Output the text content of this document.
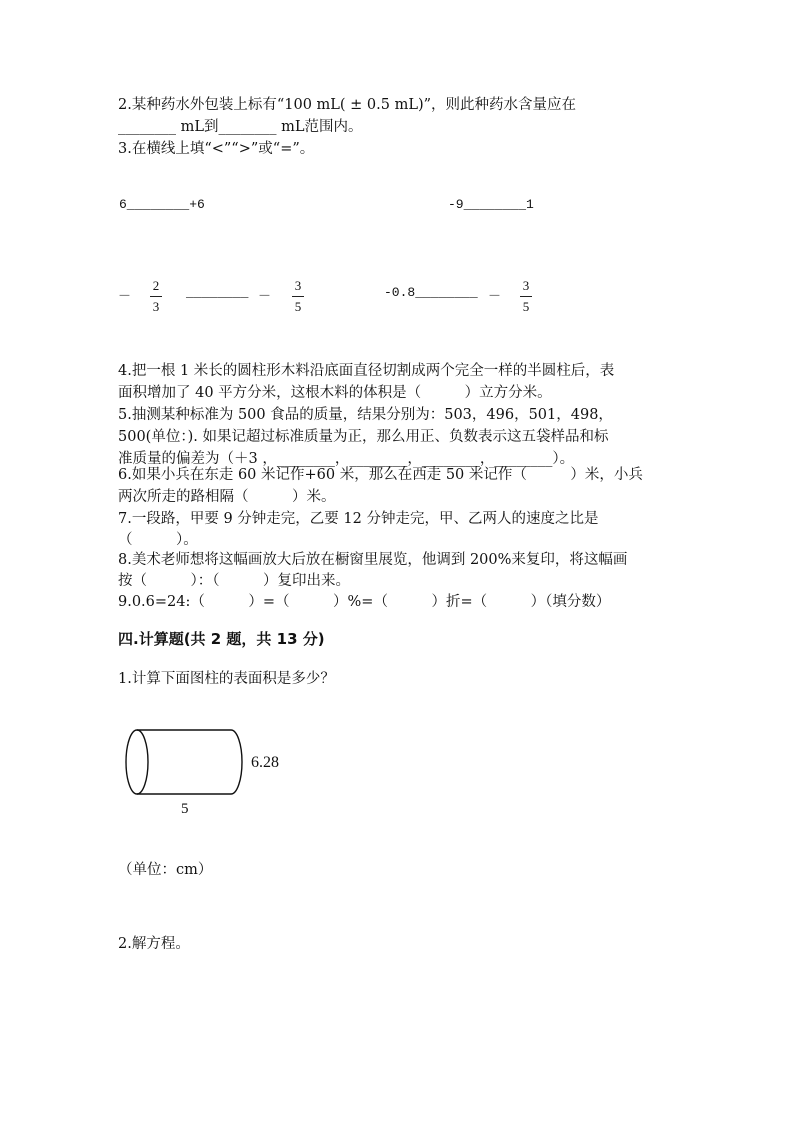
2.某种药水外包装上标有“100 mL( ± 0.5 mL)”，则此种药水含量应在
________ mL到________ mL范围内。
3.在横线上填“<”“>”或“=”。
6________+6	-9________1
－
2
3
________ －
3
5
-0.8________ －
3
5
4.把一根 1 米长的圆柱形木料沿底面直径切割成两个完全一样的半圆柱后，表
面积增加了 40 平方分米，这根木料的体积是（　　　）立方分米。
5.抽测某种标准为 500 食品的质量，结果分别为：503，496，501，498，
500(单位：). 如果记超过标准质量为正，那么用正、负数表示这五袋样品和标
准质量的偏差为（＋3 ，________，________，________，________）。
6.如果小兵在东走 60 米记作+60 米，那么在西走 50 米记作（　　　）米，小兵
两次所走的路相隔（　　　）米。
7.一段路，甲要 9 分钟走完，乙要 12 分钟走完，甲、乙两人的速度之比是
（　　　）。
8.美术老师想将这幅画放大后放在橱窗里展览，他调到 200%来复印，将这幅画
按（　　　）：（　　　）复印出来。
9.0.6=24:（　　　）=（　　　）%=（　　　）折=（　　　）（填分数）
四.计算题(共 2 题，共 13 分)
1.计算下面图柱的表面积是多少？
6.28
5
（单位：cm）
2.解方程。
